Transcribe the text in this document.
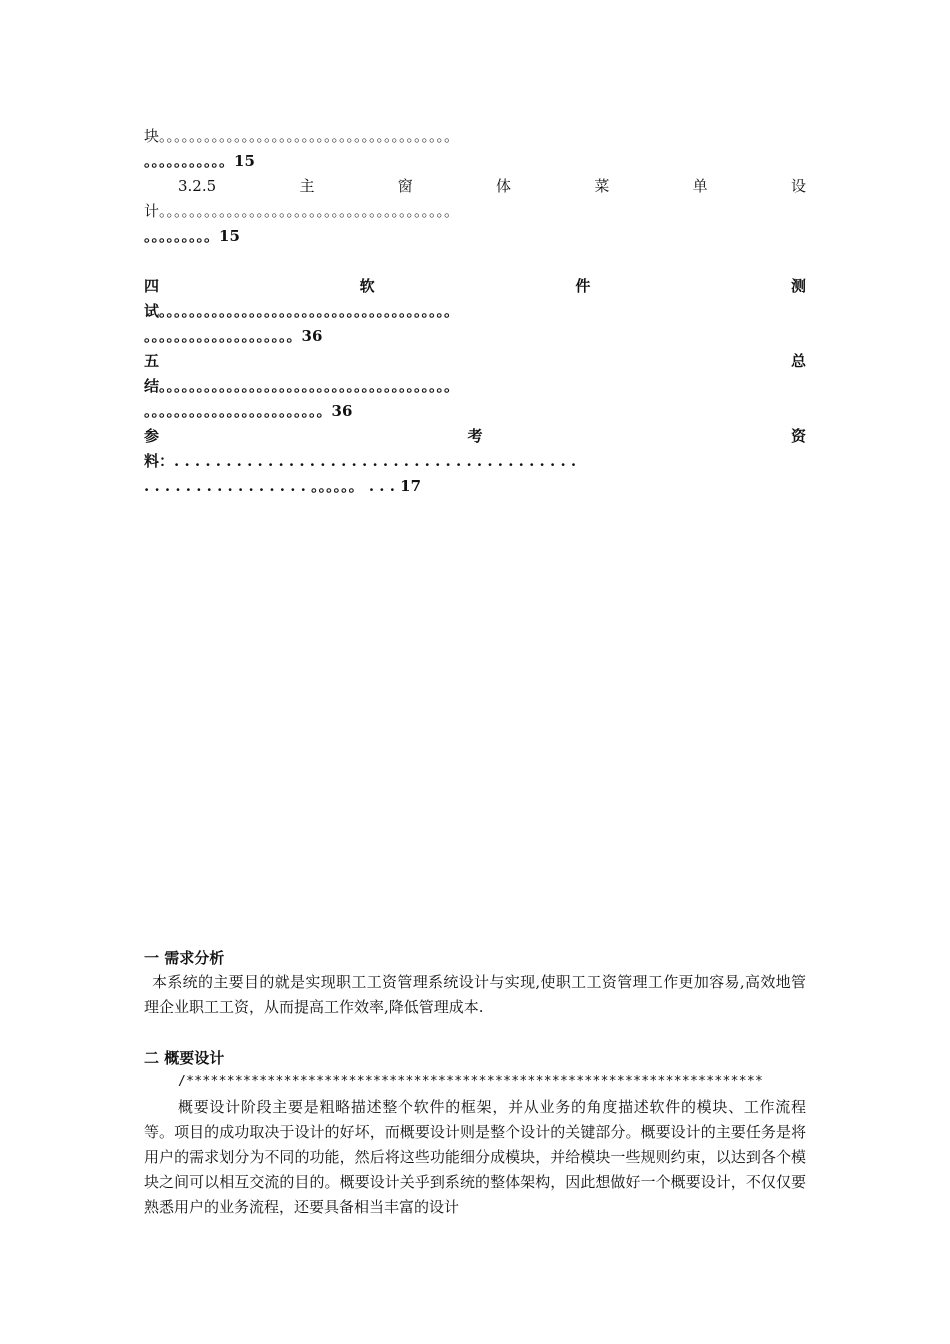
块。。。。。。。。。。。。。。。。。。。。。。。。。。。。。。。。。。。。。。。
。。。。。。。。。。。15
3.2.5	主	窗	体	菜	单	设
计。。。。。。。。。。。。。。。。。。。。。。。。。。。。。。。。。。。。。。。
。。。。。。。。。15
四	软	件	测
试。。。。。。。。。。。。。。。。。。。。。。。。。。。。。。。。。。。。。。。
。。。。。。。。。。。。。。。。。。。。36
五	总
结。。。。。。。。。。。。。。。。。。。。。。。。。。。。。。。。。。。。。。。
。。。。。。。。。。。。。。。。。。。。。。。。36
参	考	资
料：. . . . . . . . . . . . . . . . . . . . . . . . . . . . . . . . . . . . . . .
. . . . . . . . . . . . . . . . 。。。。。。 . . . 17
一 需求分析
本系统的主要目的就是实现职工工资管理系统设计与实现,使职工工资管理工作更加容易,高效地管理企业职工工资，从而提高工作效率,降低管理成本.
二 概要设计
/***********************************************************************
概要设计阶段主要是粗略描述整个软件的框架，并从业务的角度描述软件的模块、工作流程等。项目的成功取决于设计的好坏，而概要设计则是整个设计的关键部分。概要设计的主要任务是将用户的需求划分为不同的功能，然后将这些功能细分成模块，并给模块一些规则约束，以达到各个模块之间可以相互交流的目的。概要设计关乎到系统的整体架构，因此想做好一个概要设计，不仅仅要熟悉用户的业务流程，还要具备相当丰富的设计
